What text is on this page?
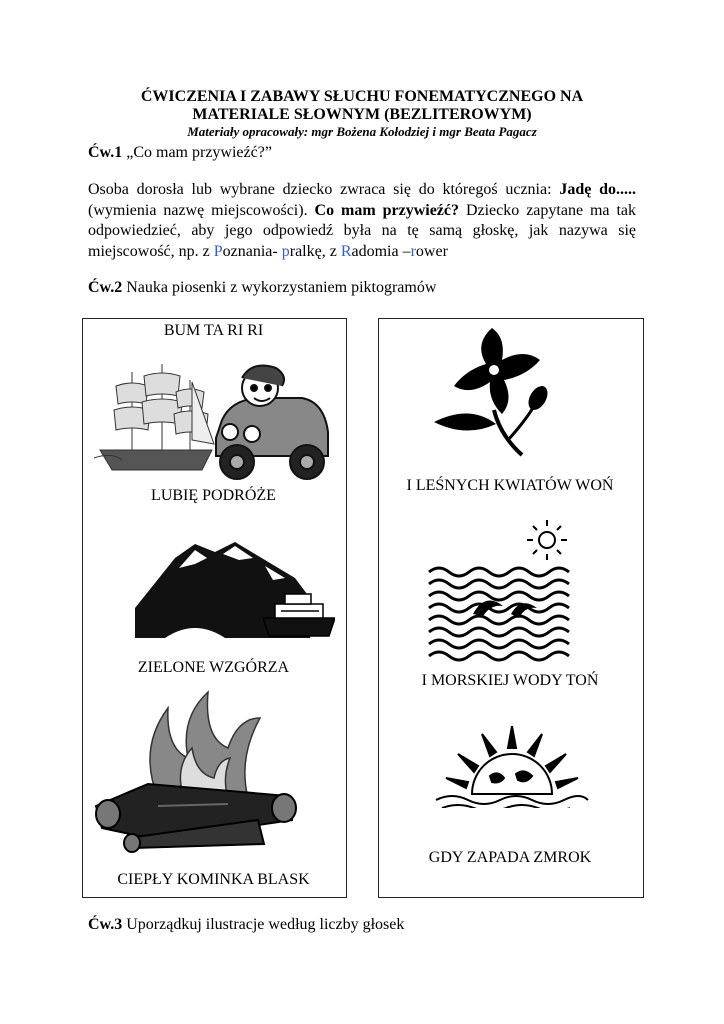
ĆWICZENIA I ZABAWY SŁUCHU FONEMATYCZNEGO NA
MATERIALE SŁOWNYM (BEZLITEROWYM)
Materiały opracowały: mgr Bożena Kołodziej i mgr Beata Pagacz
Ćw.1 „Co mam przywieźć?”
Osoba dorosła lub wybrane dziecko zwraca się do któregoś ucznia: Jadę do.....(wymienia nazwę miejscowości). Co mam przywieźć? Dziecko zapytane ma tak odpowiedzieć, aby jego odpowiedź była na tę samą głoskę, jak nazywa się miejscowość, np. z Poznania- pralkę, z Radomia –rower
Ćw.2 Nauka piosenki z wykorzystaniem piktogramów
BUM TA RI RI
LUBIĘ PODRÓŻE
ZIELONE WZGÓRZA
CIEPŁY KOMINKA BLASK
I LEŚNYCH KWIATÓW WOŃ
I MORSKIEJ WODY TOŃ
GDY ZAPADA ZMROK
Ćw.3 Uporządkuj ilustracje według liczby głosek
